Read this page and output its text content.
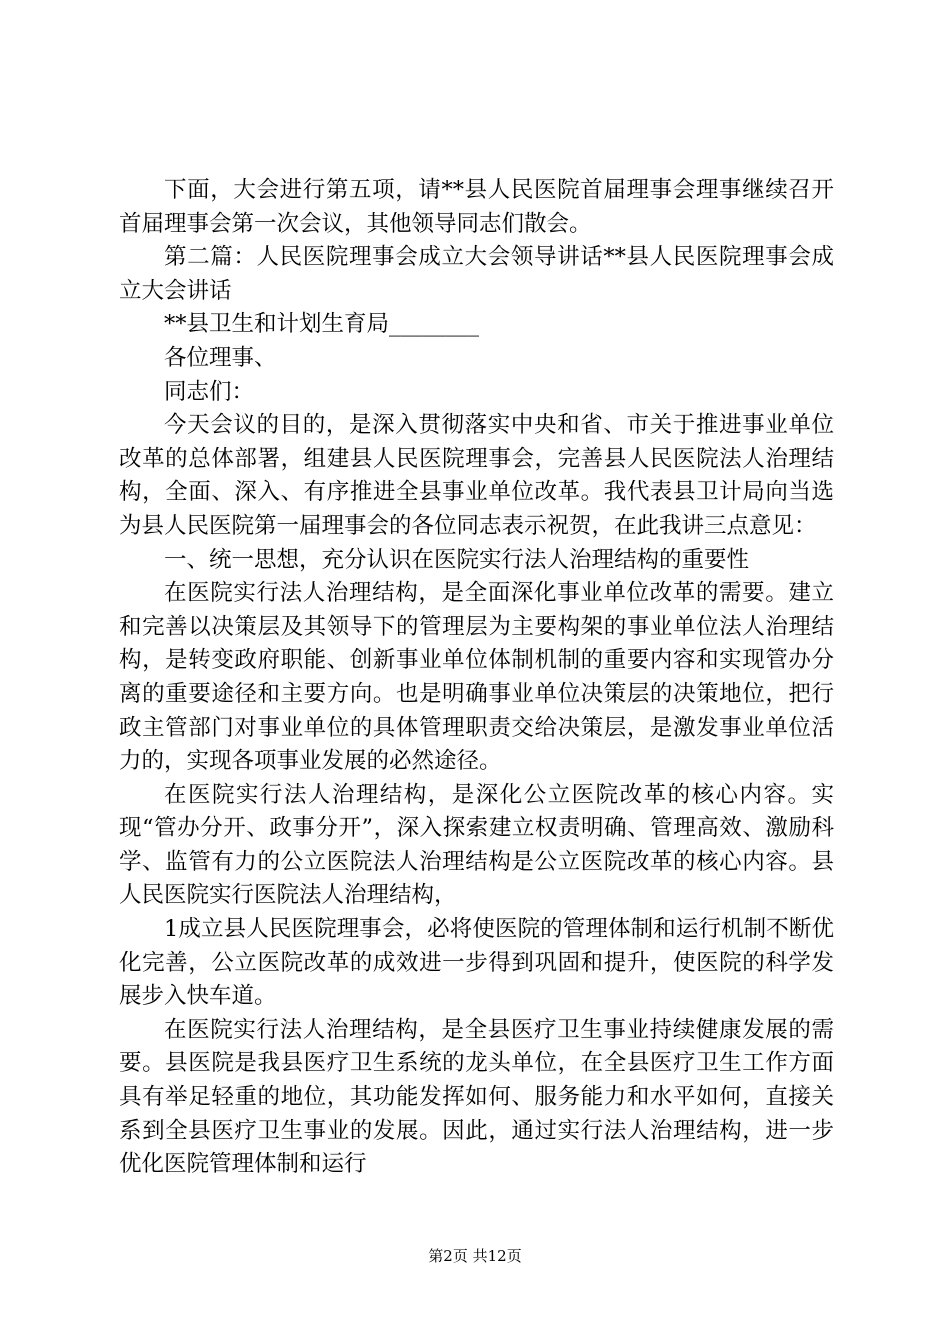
下面，大会进行第五项，请**县人民医院首届理事会理事继续召开首届理事会第一次会议，其他领导同志们散会。

第二篇：人民医院理事会成立大会领导讲话**县人民医院理事会成立大会讲话

**县卫生和计划生育局________

各位理事、

同志们：

今天会议的目的，是深入贯彻落实中央和省、市关于推进事业单位改革的总体部署，组建县人民医院理事会，完善县人民医院法人治理结构，全面、深入、有序推进全县事业单位改革。我代表县卫计局向当选为县人民医院第一届理事会的各位同志表示祝贺，在此我讲三点意见：

一、统一思想，充分认识在医院实行法人治理结构的重要性

在医院实行法人治理结构，是全面深化事业单位改革的需要。建立和完善以决策层及其领导下的管理层为主要构架的事业单位法人治理结构，是转变政府职能、创新事业单位体制机制的重要内容和实现管办分离的重要途径和主要方向。也是明确事业单位决策层的决策地位，把行政主管部门对事业单位的具体管理职责交给决策层，是激发事业单位活力的，实现各项事业发展的必然途径。

在医院实行法人治理结构，是深化公立医院改革的核心内容。实现“管办分开、政事分开”，深入探索建立权责明确、管理高效、激励科学、监管有力的公立医院法人治理结构是公立医院改革的核心内容。县人民医院实行医院法人治理结构，

1成立县人民医院理事会，必将使医院的管理体制和运行机制不断优化完善，公立医院改革的成效进一步得到巩固和提升，使医院的科学发展步入快车道。

在医院实行法人治理结构，是全县医疗卫生事业持续健康发展的需要。县医院是我县医疗卫生系统的龙头单位，在全县医疗卫生工作方面具有举足轻重的地位，其功能发挥如何、服务能力和水平如何，直接关系到全县医疗卫生事业的发展。因此，通过实行法人治理结构，进一步优化医院管理体制和运行

第2页 共12页
